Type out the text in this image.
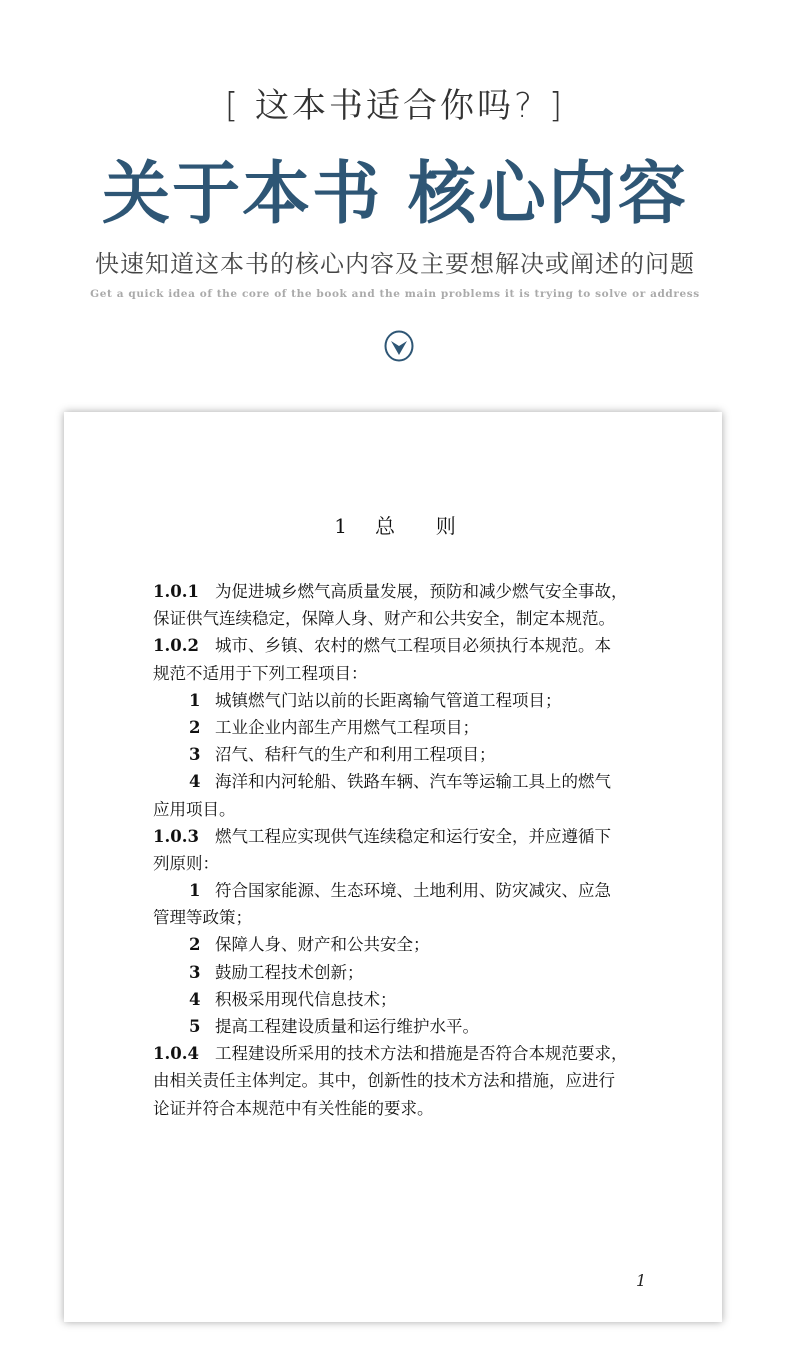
[ 这本书适合你吗? ]
关于本书 核心内容
快速知道这本书的核心内容及主要想解决或阐述的问题
Get a quick idea of the core of the book and the main problems it is trying to solve or address
1 总 则
1.0.1 为促进城乡燃气高质量发展，预防和减少燃气安全事故，
保证供气连续稳定，保障人身、财产和公共安全，制定本规范。
1.0.2 城市、乡镇、农村的燃气工程项目必须执行本规范。本
规范不适用于下列工程项目：
1 城镇燃气门站以前的长距离输气管道工程项目；
2 工业企业内部生产用燃气工程项目；
3 沼气、秸秆气的生产和利用工程项目；
4 海洋和内河轮船、铁路车辆、汽车等运输工具上的燃气
应用项目。
1.0.3 燃气工程应实现供气连续稳定和运行安全，并应遵循下
列原则：
1 符合国家能源、生态环境、土地利用、防灾减灾、应急
管理等政策；
2 保障人身、财产和公共安全；
3 鼓励工程技术创新；
4 积极采用现代信息技术；
5 提高工程建设质量和运行维护水平。
1.0.4 工程建设所采用的技术方法和措施是否符合本规范要求，
由相关责任主体判定。其中，创新性的技术方法和措施，应进行
论证并符合本规范中有关性能的要求。
1
